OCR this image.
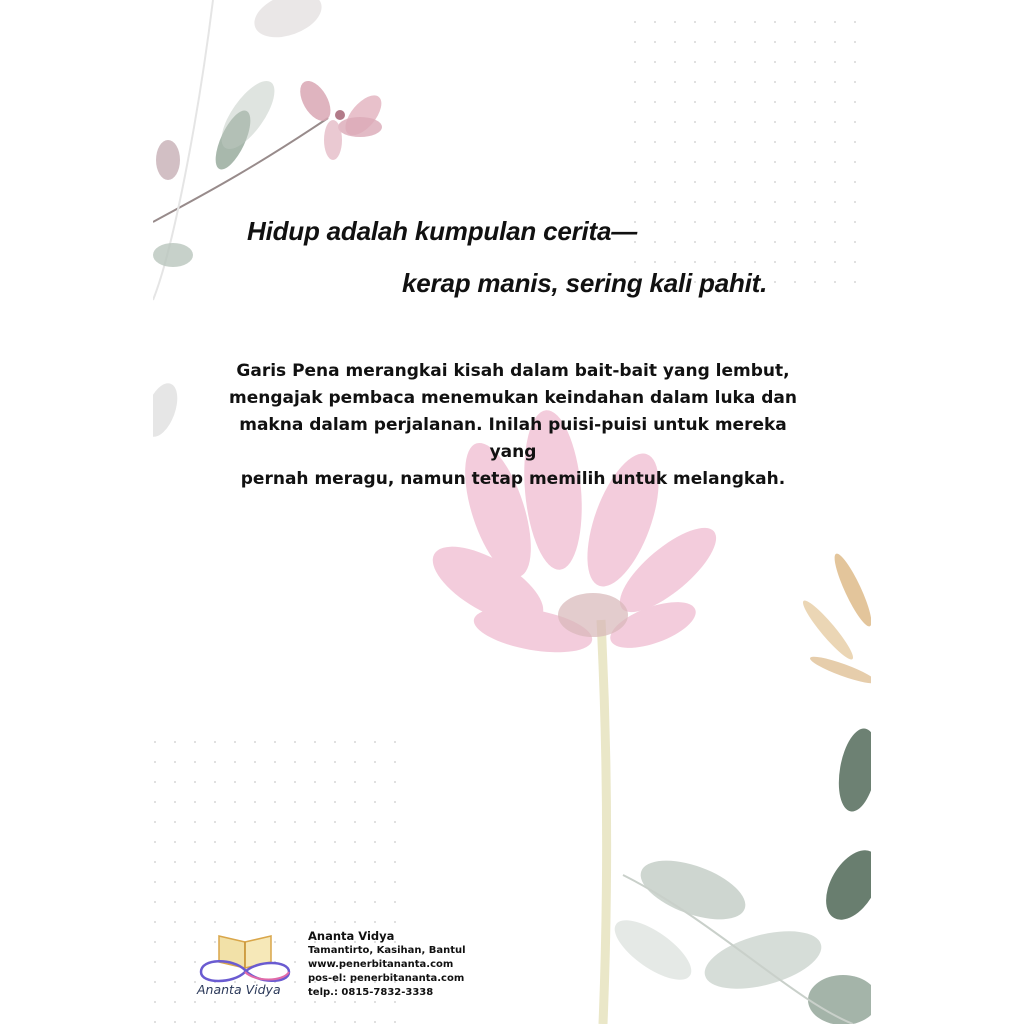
Hidup adalah kumpulan cerita—
kerap manis, sering kali pahit.

Garis Pena merangkai kisah dalam bait-bait yang lembut,
mengajak pembaca menemukan keindahan dalam luka dan
makna dalam perjalanan. Inilah puisi-puisi untuk mereka yang
pernah meragu, namun tetap memilih untuk melangkah.

Ananta Vidya
Ananta Vidya
Tamantirto, Kasihan, Bantul
www.penerbitananta.com
pos-el: penerbitananta.com
telp.: 0815-7832-3338
